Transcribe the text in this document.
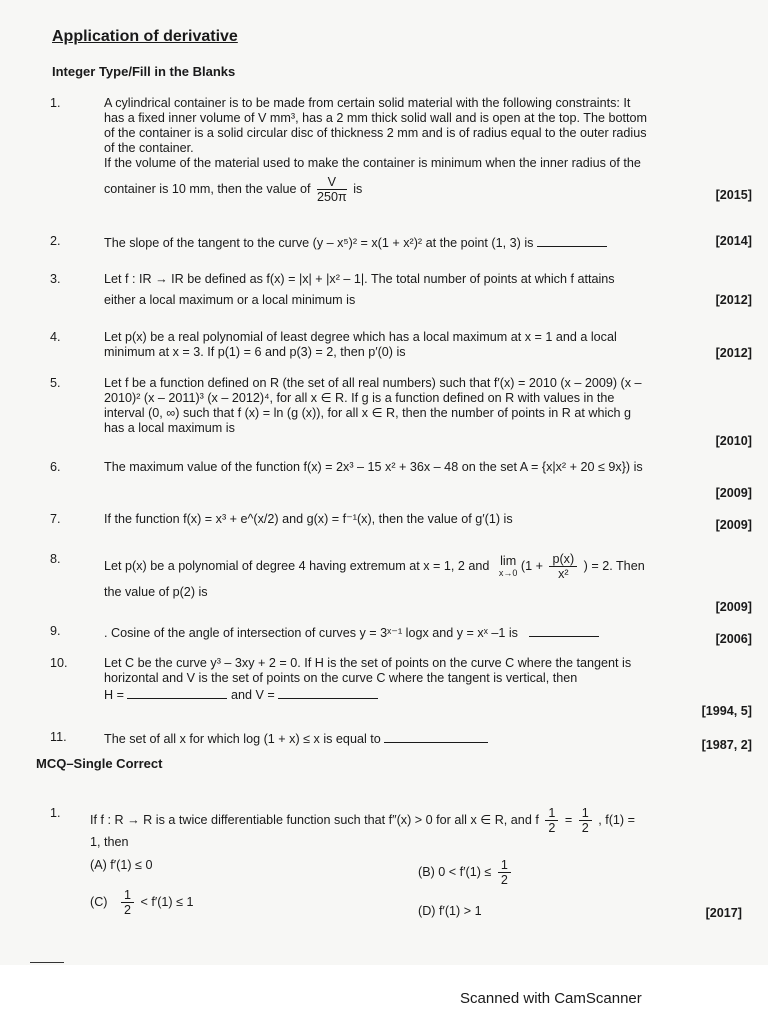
Application of derivative
Integer Type/Fill in the Blanks
1.	A cylindrical container is to be made from certain solid material with the following constraints: It
has a fixed inner volume of V mm³, has a 2 mm thick solid wall and is open at the top. The bottom
of the container is a solid circular disc of thickness 2 mm and is of radius equal to the outer radius
of the container.
If the volume of the material used to make the container is minimum when the inner radius of the
container is 10 mm, then the value of $\frac{V}{250\pi}$ is	[2015]
2.	The slope of the tangent to the curve (y – x⁵)² = x(1 + x²)² at the point (1, 3) is	[2014]
3.	Let f : IR → IR be defined as f(x) = |x| + |x² – 1|. The total number of points at which f attains
either a local maximum or a local minimum is	[2012]
4.	Let p(x) be a real polynomial of least degree which has a local maximum at x = 1 and a local
minimum at x = 3. If p(1) = 6 and p(3) = 2, then p′(0) is	[2012]
5.	Let f be a function defined on R (the set of all real numbers) such that f′(x) = 2010 (x – 2009) (x –
2010)² (x – 2011)³ (x – 2012)⁴, for all x ∈ R. If g is a function defined on R with values in the
interval (0, ∞) such that f (x) = ln (g (x)), for all x ∈ R, then the number of points in R at which g
has a local maximum is
[2010]
6.	The maximum value of the function f(x) = 2x³ – 15 x² + 36x – 48 on the set A = {x|x² + 20 ≤ 9x}) is
[2009]
7.	If the function f(x) = x³ + e^(x/2) and g(x) = f⁻¹(x), then the value of g′(1) is	[2009]
8.	Let p(x) be a polynomial of degree 4 having extremum at x = 1, 2 and lim
x→0
($1 + \frac{p(x)}{\text{x²}}$ ) = 2. Then
the value of p(2) is
[2009]
9.	. Cosine of the angle of intersection of curves y = 3ˣ⁻¹ logx and y = xˣ –1 is	[2006]
10.	Let C be the curve y³ – 3xy + 2 = 0. If H is the set of points on the curve C where the tangent is
horizontal and V is the set of points on the curve C where the tangent is vertical, then
H =	and V =
[1994, 5]
11.	The set of all x for which log (1 + x) ≤ x is equal to	[1987, 2]
MCQ–Single Correct
1.	If f : R → R is a twice differentiable function such that f″(x) > 0 for all x ∈ R, and f $\frac{1}{2} = \frac{1}{2}$ , f(1) =
1, then
(A) f′(1) ≤ 0	(B) $0 < f'(1) \le \frac{1}{2}$
$(C) \frac{1}{2} < f'(1) \le 1$
(D) f′(1) > 1	[2017]
Scanned with CamScanner
